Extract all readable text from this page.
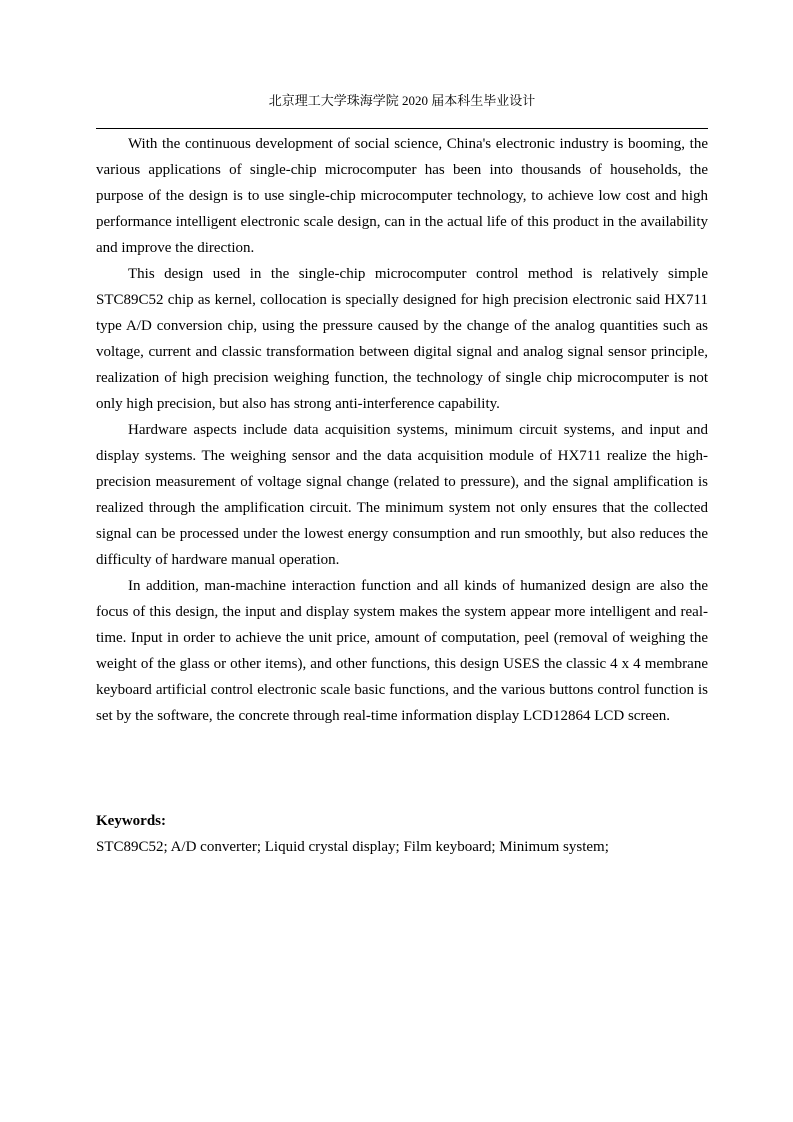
北京理工大学珠海学院 2020 届本科生毕业设计

With the continuous development of social science, China's electronic industry is booming, the various applications of single-chip microcomputer has been into thousands of households, the purpose of the design is to use single-chip microcomputer technology, to achieve low cost and high performance intelligent electronic scale design, can in the actual life of this product in the availability and improve the direction.

This design used in the single-chip microcomputer control method is relatively simple STC89C52 chip as kernel, collocation is specially designed for high precision electronic said HX711 type A/D conversion chip, using the pressure caused by the change of the analog quantities such as voltage, current and classic transformation between digital signal and analog signal sensor principle, realization of high precision weighing function, the technology of single chip microcomputer is not only high precision, but also has strong anti-interference capability.

Hardware aspects include data acquisition systems, minimum circuit systems, and input and display systems. The weighing sensor and the data acquisition module of HX711 realize the high-precision measurement of voltage signal change (related to pressure), and the signal amplification is realized through the amplification circuit. The minimum system not only ensures that the collected signal can be processed under the lowest energy consumption and run smoothly, but also reduces the difficulty of hardware manual operation.

In addition, man-machine interaction function and all kinds of humanized design are also the focus of this design, the input and display system makes the system appear more intelligent and real-time. Input in order to achieve the unit price, amount of computation, peel (removal of weighing the weight of the glass or other items), and other functions, this design USES the classic 4 x 4 membrane keyboard artificial control electronic scale basic functions, and the various buttons control function is set by the software, the concrete through real-time information display LCD12864 LCD screen.

Keywords:
STC89C52; A/D converter; Liquid crystal display; Film keyboard; Minimum system;
